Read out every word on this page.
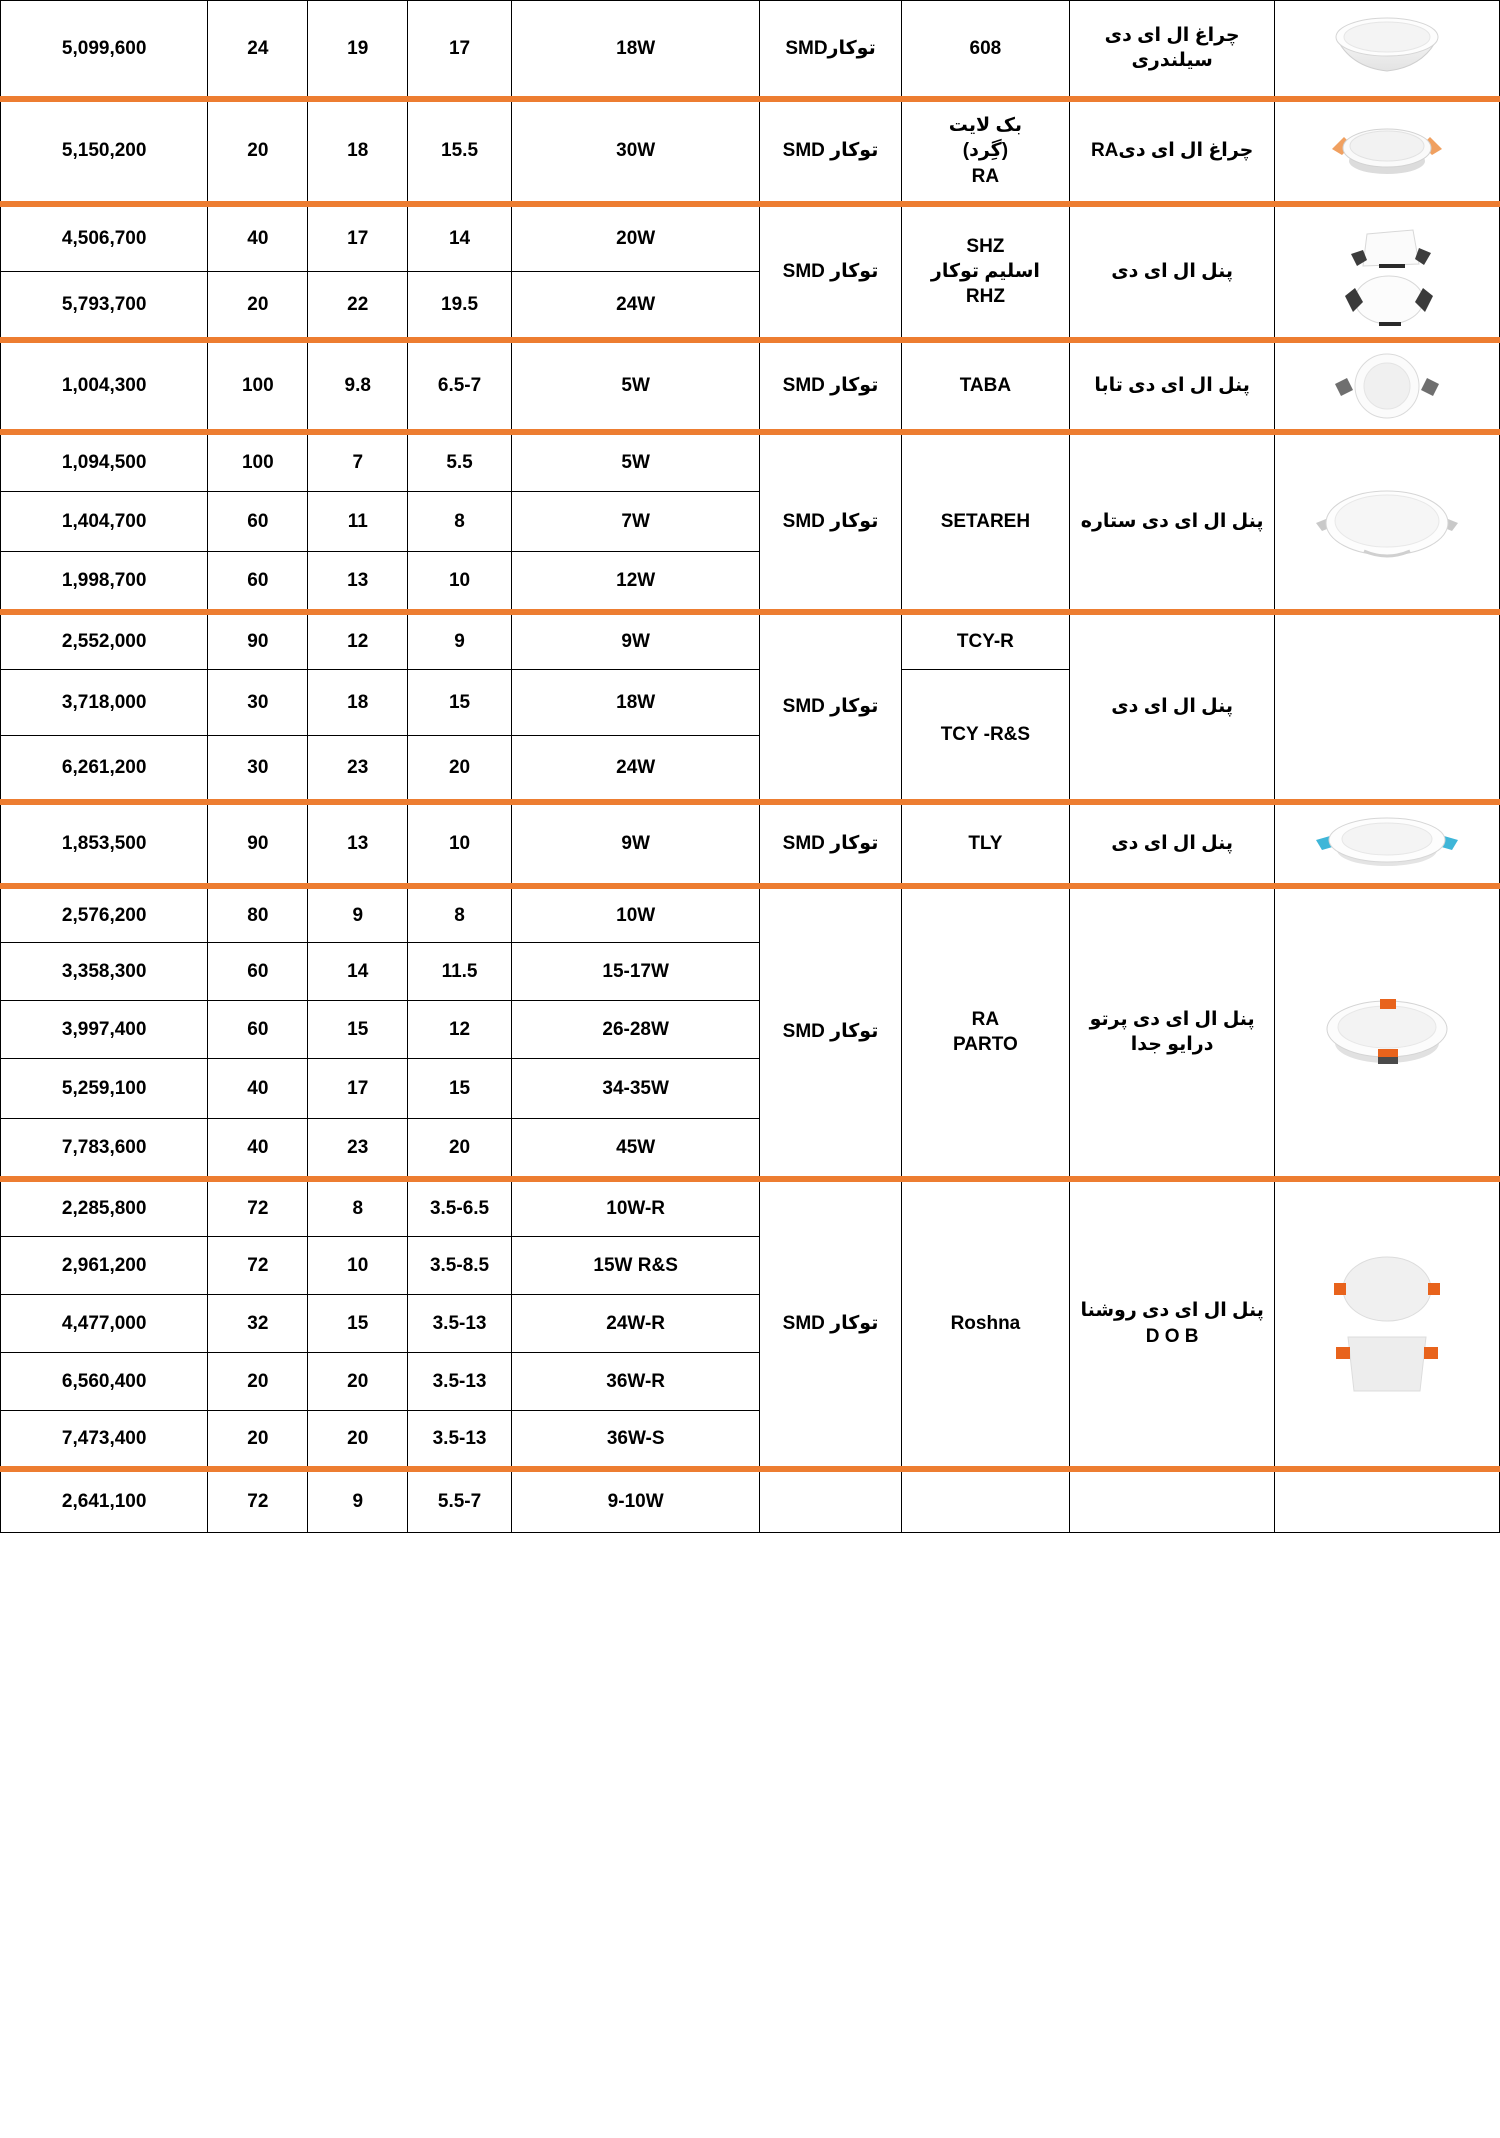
5,099,600	24	19	17	18W	توکارSMD	608	چراغ ال ای دی سیلندری	

5,150,200	20	18	15.5	30W	توکار SMD	بک لایت
(گِرد)
RA	چراغ ال ای دیRA	

4,506,700	40	17	14	20W	توکار SMD	SHZ
اسلیم توکار
RHZ	پنل ال ای دی	

5,793,700	20	22	19.5	24W				
1,004,300	100	9.8	6.5-7	5W	توکار SMD	TABA	پنل ال ای دی تابا	

1,094,500	100	7	5.5	5W	توکار SMD	SETAREH	پنل ال ای دی ستاره	

1,404,700	60	11	8	7W				
1,998,700	60	13	10	12W				
2,552,000	90	12	9	9W	توکار SMD	TCY-R	پنل ال ای دی	
3,718,000	30	18	15	18W		TCY -R&S		
6,261,200	30	23	20	24W				
1,853,500	90	13	10	9W	توکار SMD	TLY	پنل ال ای دی	

2,576,200	80	9	8	10W	توکار SMD	RA
PARTO	پنل ال ای دی پرتو
درایو جدا

3,358,300	60	14	11.5	15-17W				
3,997,400	60	15	12	26-28W				
5,259,100	40	17	15	34-35W				
7,783,600	40	23	20	45W				
2,285,800	72	8	3.5-6.5	10W-R	توکار SMD	Roshna	پنل ال ای دی روشنا
D O B

2,961,200	72	10	3.5-8.5	15W R&S				
4,477,000	32	15	3.5-13	24W-R				
6,560,400	20	20	3.5-13	36W-R				
7,473,400	20	20	3.5-13	36W-S				
2,641,100	72	9	5.5-7	9-10W				
